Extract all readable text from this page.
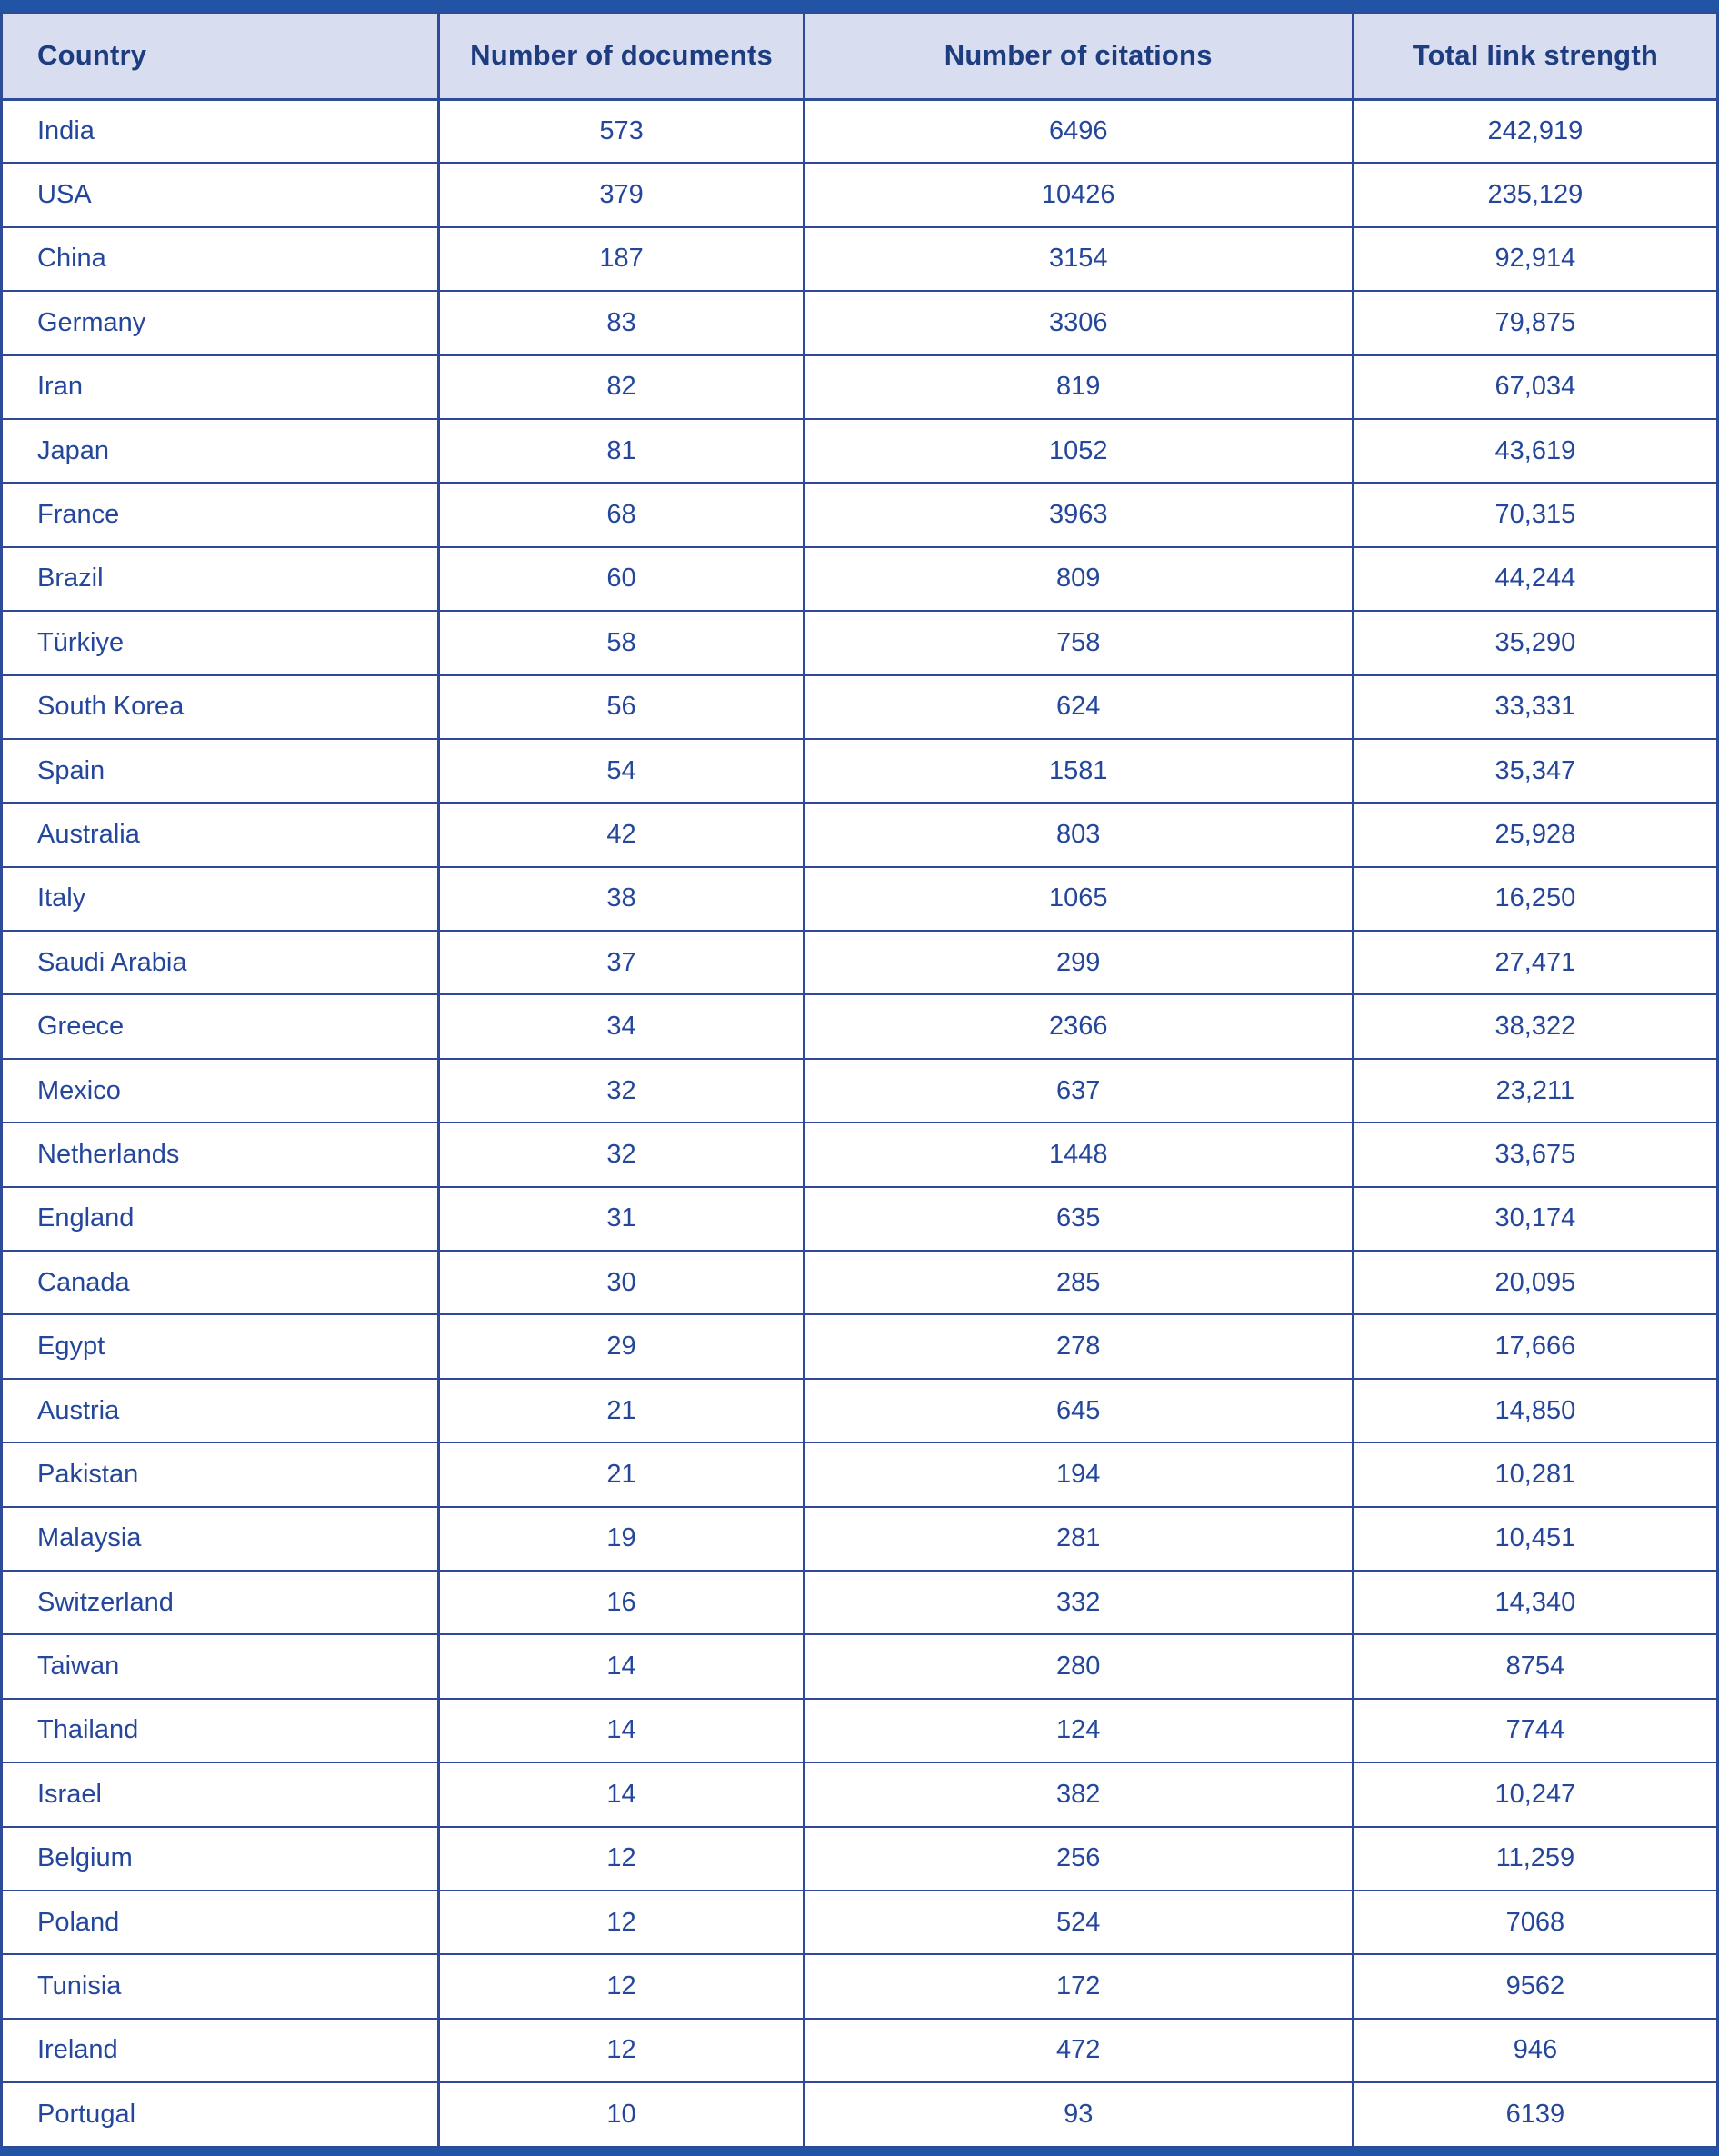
Country	Number of documents	Number of citations	Total link strength
India	573	6496	242,919
USA	379	10426	235,129
China	187	3154	92,914
Germany	83	3306	79,875
Iran	82	819	67,034
Japan	81	1052	43,619
France	68	3963	70,315
Brazil	60	809	44,244
Türkiye	58	758	35,290
South Korea	56	624	33,331
Spain	54	1581	35,347
Australia	42	803	25,928
Italy	38	1065	16,250
Saudi Arabia	37	299	27,471
Greece	34	2366	38,322
Mexico	32	637	23,211
Netherlands	32	1448	33,675
England	31	635	30,174
Canada	30	285	20,095
Egypt	29	278	17,666
Austria	21	645	14,850
Pakistan	21	194	10,281
Malaysia	19	281	10,451
Switzerland	16	332	14,340
Taiwan	14	280	8754
Thailand	14	124	7744
Israel	14	382	10,247
Belgium	12	256	11,259
Poland	12	524	7068
Tunisia	12	172	9562
Ireland	12	472	946
Portugal	10	93	6139
